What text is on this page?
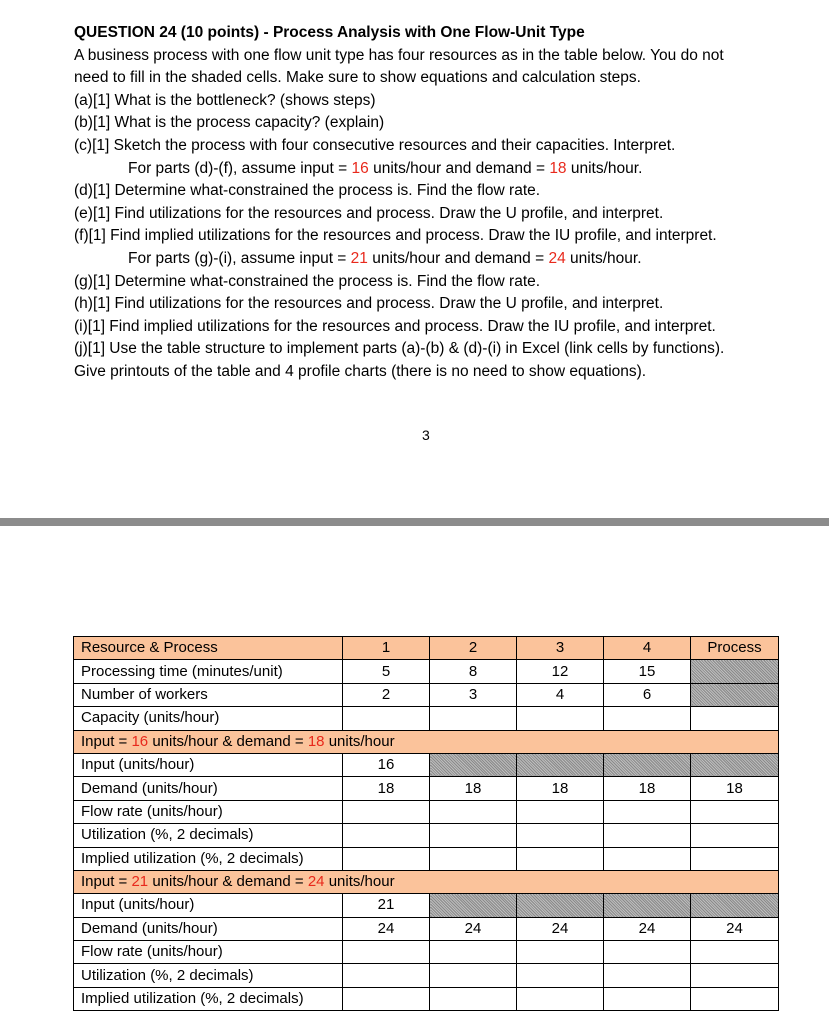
QUESTION 24 (10 points) - Process Analysis with One Flow-Unit Type
A business process with one flow unit type has four resources as in the table below. You do not
need to fill in the shaded cells. Make sure to show equations and calculation steps.
(a)[1] What is the bottleneck? (shows steps)
(b)[1] What is the process capacity? (explain)
(c)[1] Sketch the process with four consecutive resources and their capacities. Interpret.
For parts (d)-(f), assume input = 16 units/hour and demand = 18 units/hour.
(d)[1] Determine what-constrained the process is. Find the flow rate.
(e)[1] Find utilizations for the resources and process. Draw the U profile, and interpret.
(f)[1] Find implied utilizations for the resources and process. Draw the IU profile, and interpret.
For parts (g)-(i), assume input = 21 units/hour and demand = 24 units/hour.
(g)[1] Determine what-constrained the process is. Find the flow rate.
(h)[1] Find utilizations for the resources and process. Draw the U profile, and interpret.
(i)[1] Find implied utilizations for the resources and process. Draw the IU profile, and interpret.
(j)[1] Use the table structure to implement parts (a)-(b) & (d)-(i) in Excel (link cells by functions).
Give printouts of the table and 4 profile charts (there is no need to show equations).
3
Resource & Process	1	2	3	4	Process
Processing time (minutes/unit)	5	8	12	15	
Number of workers	2	3	4	6	
Capacity (units/hour)					
Input = 16 units/hour & demand = 18 units/hour					
Input (units/hour)	16				
Demand (units/hour)	18	18	18	18	18
Flow rate (units/hour)					
Utilization (%, 2 decimals)					
Implied utilization (%, 2 decimals)					
Input = 21 units/hour & demand = 24 units/hour					
Input (units/hour)	21				
Demand (units/hour)	24	24	24	24	24
Flow rate (units/hour)					
Utilization (%, 2 decimals)					
Implied utilization (%, 2 decimals)					
